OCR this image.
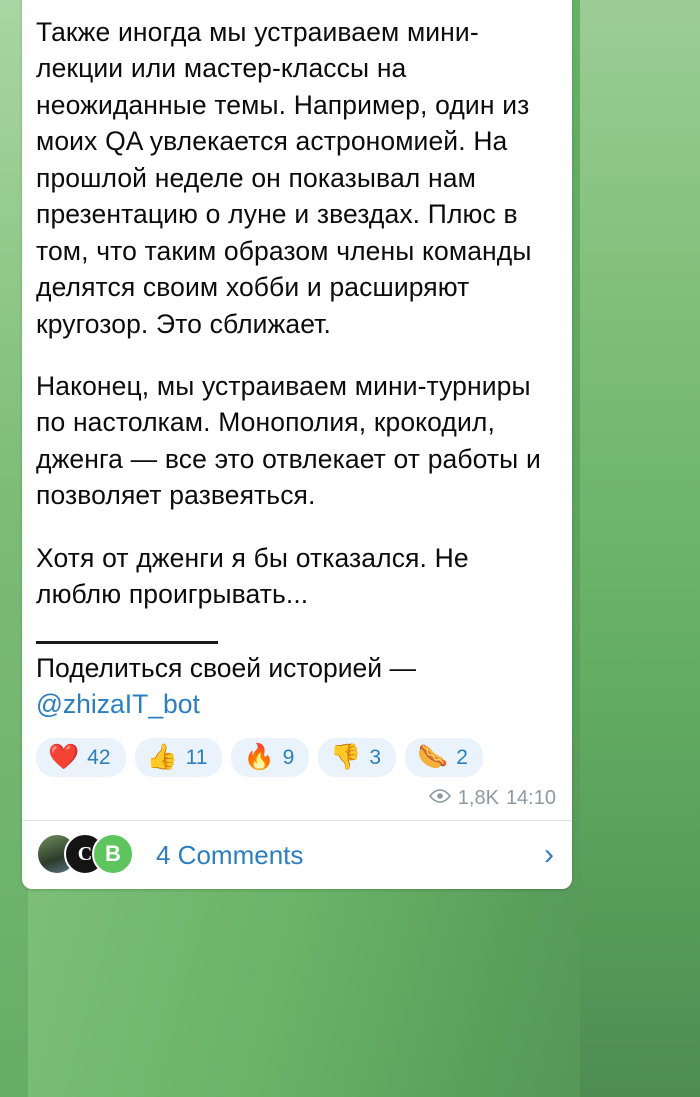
Также иногда мы устраиваем мини-лекции или мастер-классы на неожиданные темы. Например, один из моих QA увлекается астрономией. На прошлой неделе он показывал нам презентацию о луне и звездах. Плюс в том, что таким образом члены команды делятся своим хобби и расширяют кругозор. Это сближает.

Наконец, мы устраиваем мини-турниры по настолкам. Монополия, крокодил, дженга — все это отвлекает от работы и позволяет развеяться.

Хотя от дженги я бы отказался. Не люблю проигрывать...

Поделиться своей историей —

@zhizaIT_bot
❤️ 42 👍 11 🔥 9 👎 3 🌭 2
1,8K 14:10
C В 4 Comments	›
